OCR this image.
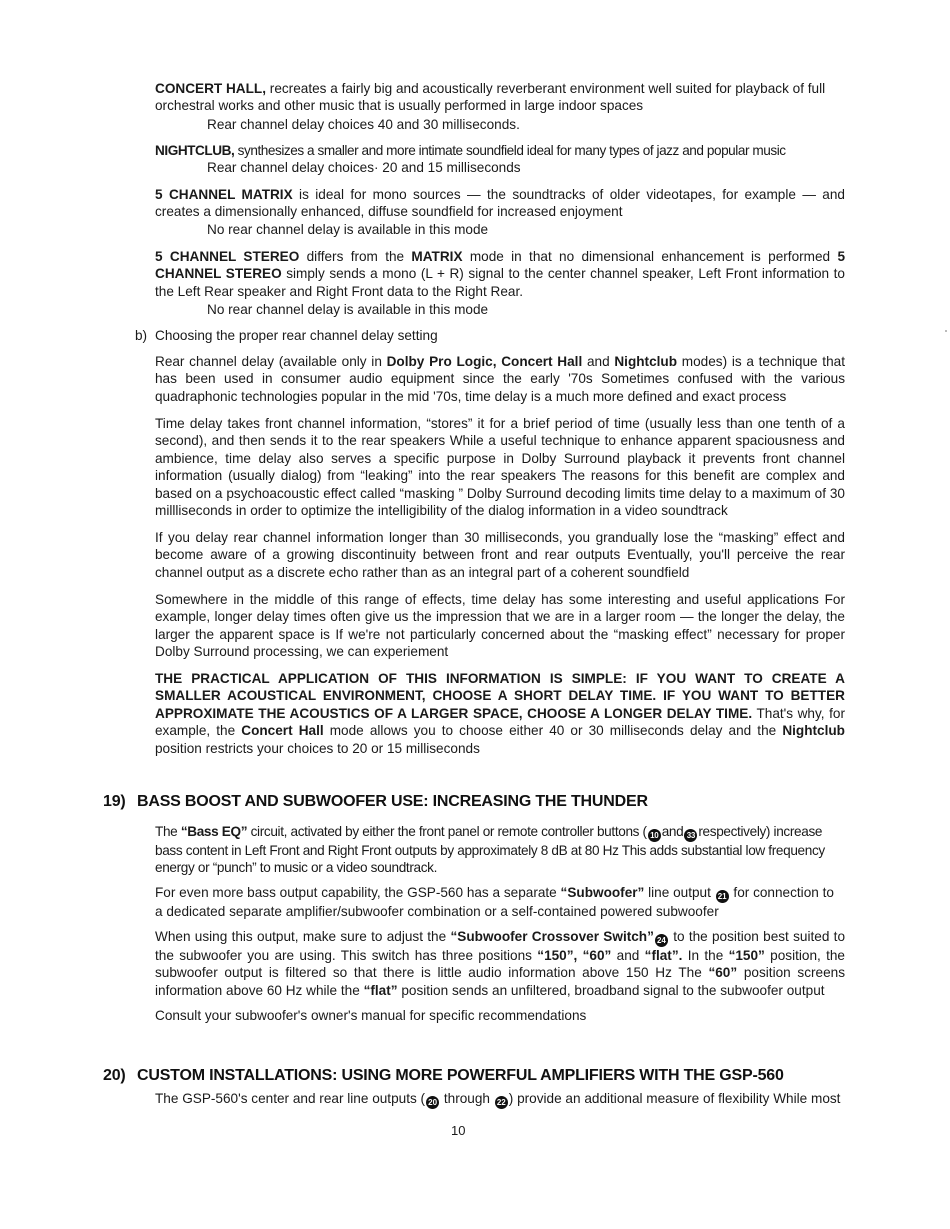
CONCERT HALL, recreates a fairly big and acoustically reverberant environment well suited for playback of full orchestral works and other music that is usually performed in large indoor spaces
Rear channel delay choices 40 and 30 milliseconds.
NIGHTCLUB, synthesizes a smaller and more intimate soundfield ideal for many types of jazz and popular music
Rear channel delay choices· 20 and 15 milliseconds
5 CHANNEL MATRIX is ideal for mono sources — the soundtracks of older videotapes, for example — and creates a dimensionally enhanced, diffuse soundfield for increased enjoyment
No rear channel delay is available in this mode
5 CHANNEL STEREO differs from the MATRIX mode in that no dimensional enhancement is performed 5 CHANNEL STEREO simply sends a mono (L + R) signal to the center channel speaker, Left Front information to the Left Rear speaker and Right Front data to the Right Rear.
No rear channel delay is available in this mode
b) Choosing the proper rear channel delay setting
Rear channel delay (available only in Dolby Pro Logic, Concert Hall and Nightclub modes) is a technique that has been used in consumer audio equipment since the early '70s Sometimes confused with the various quadraphonic technologies popular in the mid '70s, time delay is a much more defined and exact process
Time delay takes front channel information, “stores” it for a brief period of time (usually less than one tenth of a second), and then sends it to the rear speakers While a useful technique to enhance apparent spaciousness and ambience, time delay also serves a specific purpose in Dolby Surround playback it prevents front channel information (usually dialog) from “leaking” into the rear speakers The reasons for this benefit are complex and based on a psychoacoustic effect called “masking ” Dolby Surround decoding limits time delay to a maximum of 30 millliseconds in order to optimize the intelligibility of the dialog information in a video soundtrack
If you delay rear channel information longer than 30 milliseconds, you grandually lose the “masking” effect and become aware of a growing discontinuity between front and rear outputs Eventually, you'll perceive the rear channel output as a discrete echo rather than as an integral part of a coherent soundfield
Somewhere in the middle of this range of effects, time delay has some interesting and useful applications For example, longer delay times often give us the impression that we are in a larger room — the longer the delay, the larger the apparent space is If we're not particularly concerned about the “masking effect” necessary for proper Dolby Surround processing, we can experiement
THE PRACTICAL APPLICATION OF THIS INFORMATION IS SIMPLE: IF YOU WANT TO CREATE A SMALLER ACOUSTICAL ENVIRONMENT, CHOOSE A SHORT DELAY TIME. IF YOU WANT TO BETTER APPROXIMATE THE ACOUSTICS OF A LARGER SPACE, CHOOSE A LONGER DELAY TIME. That's why, for example, the Concert Hall mode allows you to choose either 40 or 30 milliseconds delay and the Nightclub position restricts your choices to 20 or 15 milliseconds
19) BASS BOOST AND SUBWOOFER USE: INCREASING THE THUNDER
The “Bass EQ” circuit, activated by either the front panel or remote controller buttons ( 10 and 33 respectively) increase bass content in Left Front and Right Front outputs by approximately 8 dB at 80 Hz This adds substantial low frequency energy or “punch” to music or a video soundtrack.
For even more bass output capability, the GSP-560 has a separate “Subwoofer” line output 21 for connection to a dedicated separate amplifier/subwoofer combination or a self-contained powered subwoofer
When using this output, make sure to adjust the “Subwoofer Crossover Switch” 24 to the position best suited to the subwoofer you are using. This switch has three positions “150”, “60” and “flat”. In the “150” position, the subwoofer output is filtered so that there is little audio information above 150 Hz The “60” position screens information above 60 Hz while the “flat” position sends an unfiltered, broadband signal to the subwoofer output
Consult your subwoofer's owner's manual for specific recommendations
20) CUSTOM INSTALLATIONS: USING MORE POWERFUL AMPLIFIERS WITH THE GSP-560
The GSP-560's center and rear line outputs ( 20 through 22 ) provide an additional measure of flexibility While most
10
